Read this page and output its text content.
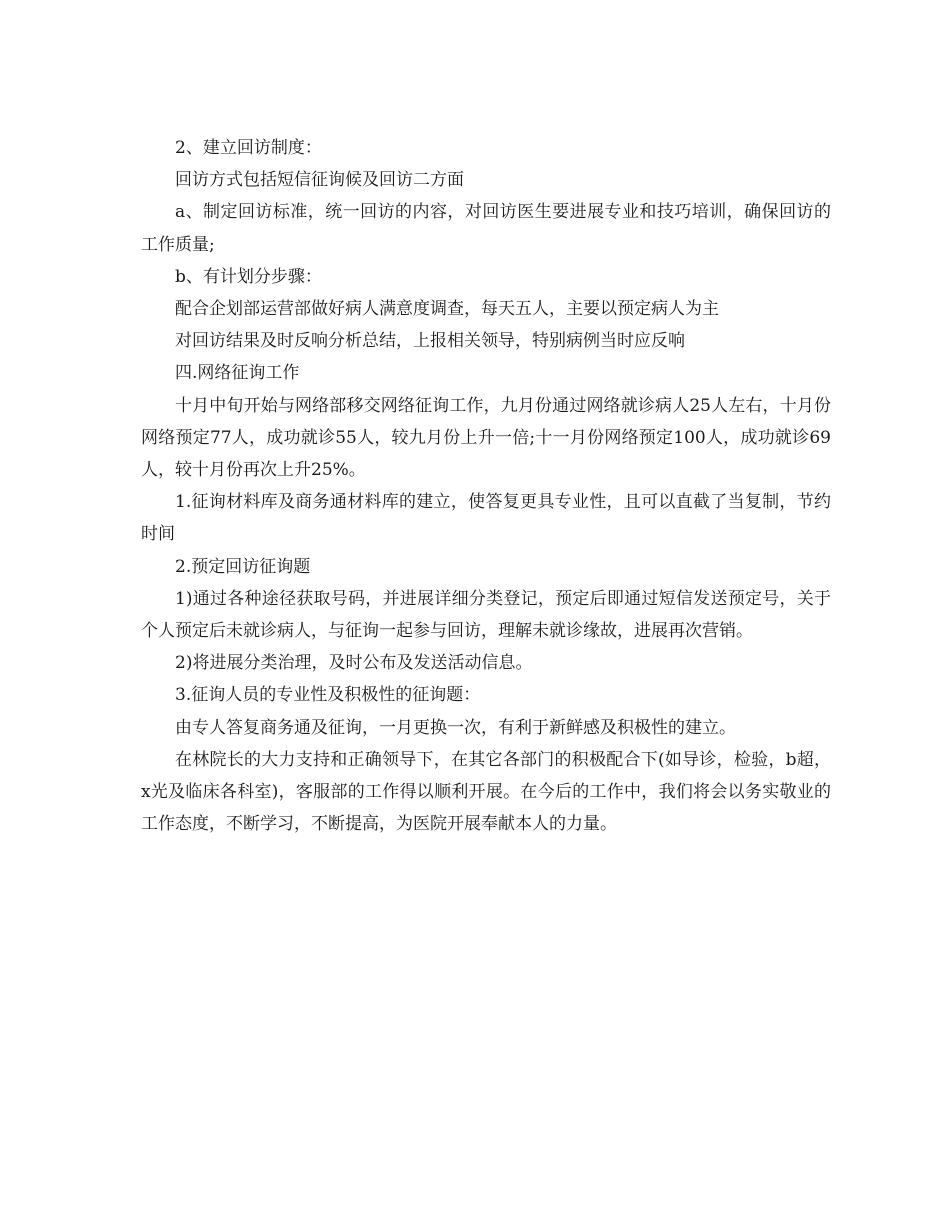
2、建立回访制度：

回访方式包括短信征询候及回访二方面

a、制定回访标准，统一回访的内容，对回访医生要进展专业和技巧培训，确保回访的工作质量;

b、有计划分步骤：

配合企划部运营部做好病人满意度调查，每天五人，主要以预定病人为主

对回访结果及时反响分析总结，上报相关领导，特别病例当时应反响

四.网络征询工作

十月中旬开始与网络部移交网络征询工作，九月份通过网络就诊病人25人左右，十月份网络预定77人，成功就诊55人，较九月份上升一倍;十一月份网络预定100人，成功就诊69人，较十月份再次上升25%。

1.征询材料库及商务通材料库的建立，使答复更具专业性，且可以直截了当复制，节约时间

2.预定回访征询题

1)通过各种途径获取号码，并进展详细分类登记，预定后即通过短信发送预定号，关于个人预定后未就诊病人，与征询一起参与回访，理解未就诊缘故，进展再次营销。

2)将进展分类治理，及时公布及发送活动信息。

3.征询人员的专业性及积极性的征询题：

由专人答复商务通及征询，一月更换一次，有利于新鲜感及积极性的建立。

在林院长的大力支持和正确领导下，在其它各部门的积极配合下(如导诊，检验，b超，x光及临床各科室)，客服部的工作得以顺利开展。在今后的工作中，我们将会以务实敬业的工作态度，不断学习，不断提高，为医院开展奉献本人的力量。
